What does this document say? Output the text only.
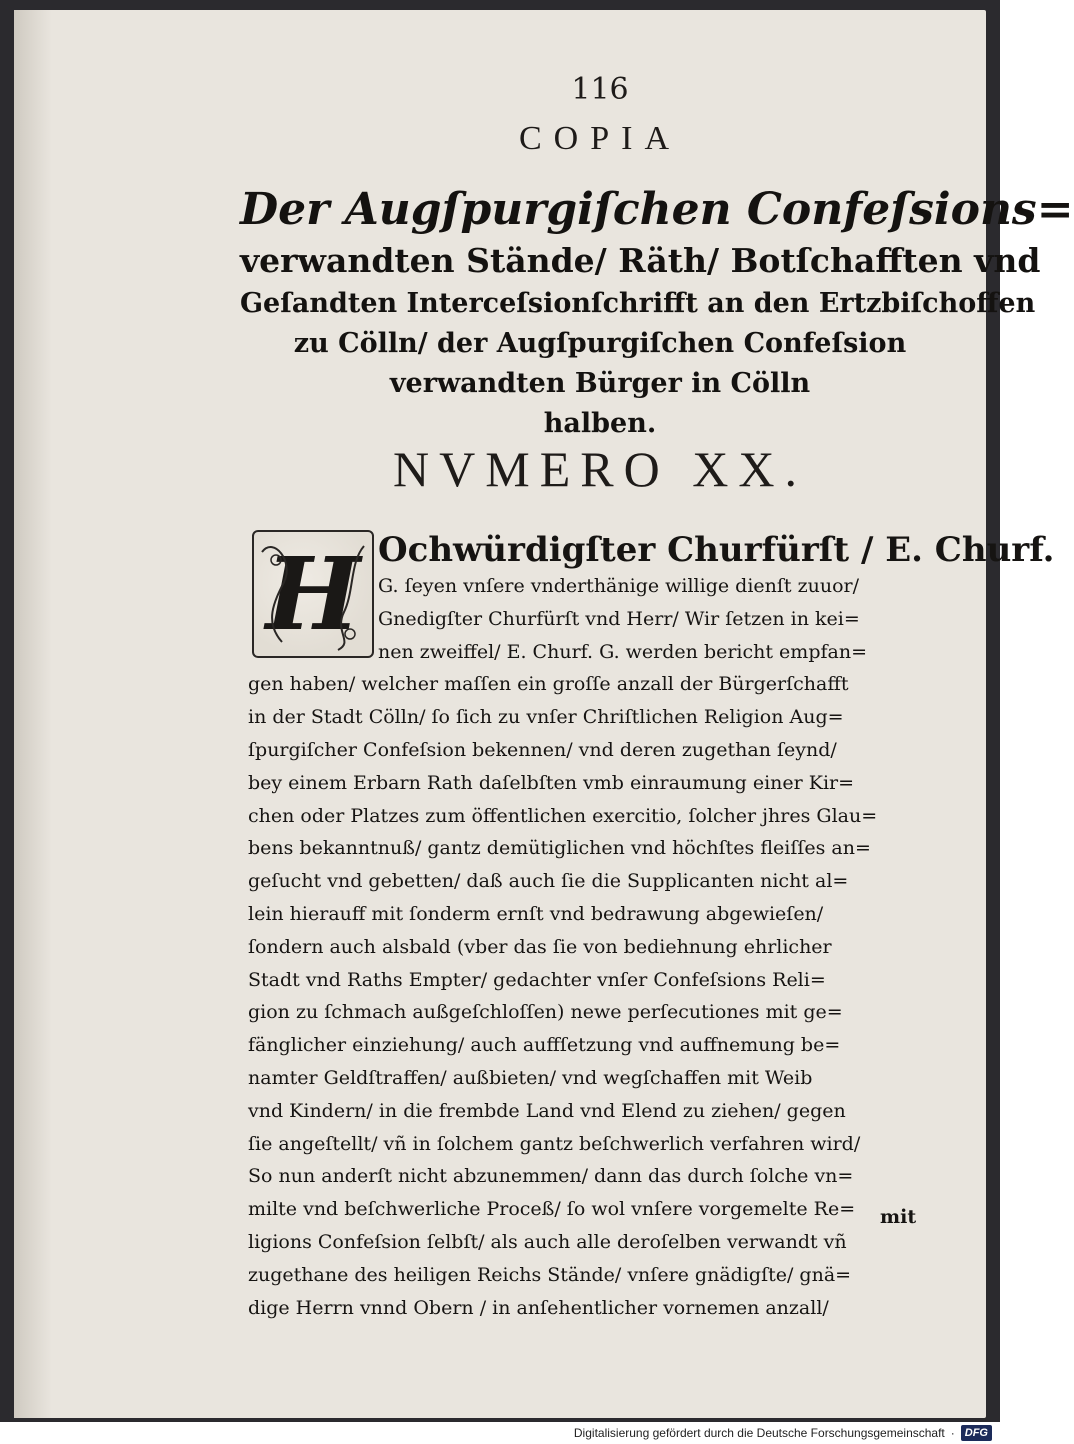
116
COPIA
Der Augſpurgiſchen Confeſsions=
verwandten Stände/ Räth/ Botſchafften vnd
Geſandten Interceſsionſchrifft an den Ertzbiſchoffen
zu Cölln/ der Augſpurgiſchen Confeſsion
verwandten Bürger in Cölln
halben.
NVMERO XX.
Ochwürdigſter Churfürſt / E. Churf.
G. ſeyen vnſere vnderthänige willige dienſt zuuor/
Gnedigſter Churfürſt vnd Herr/ Wir ſetzen in kei=
nen zweiffel/ E. Churf. G. werden bericht empfan=
gen haben/ welcher maſſen ein groſſe anzall der Bürgerſchafft
in der Stadt Cölln/ ſo ſich zu vnſer Chriſtlichen Religion Aug=
ſpurgiſcher Confeſsion bekennen/ vnd deren zugethan ſeynd/
bey einem Erbarn Rath daſelbſten vmb einraumung einer Kir=
chen oder Platzes zum öffentlichen exercitio, ſolcher jhres Glau=
bens bekanntnuß/ gantz demütiglichen vnd höchſtes fleiſſes an=
geſucht vnd gebetten/ daß auch ſie die Supplicanten nicht al=
lein hierauff mit ſonderm ernſt vnd bedrawung abgewieſen/
ſondern auch alsbald (vber das ſie von bediehnung ehrlicher
Stadt vnd Raths Empter/ gedachter vnſer Confeſsions Reli=
gion zu ſchmach außgeſchloſſen) newe perſecutiones mit ge=
fänglicher einziehung/ auch auffſetzung vnd auffnemung be=
namter Geldſtraffen/ außbieten/ vnd wegſchaffen mit Weib
vnd Kindern/ in die frembde Land vnd Elend zu ziehen/ gegen
ſie angeſtellt/ vñ in ſolchem gantz beſchwerlich verfahren wird/
So nun anderſt nicht abzunemmen/ dann das durch ſolche vn=
milte vnd beſchwerliche Proceß/ ſo wol vnſere vorgemelte Re=
ligions Confeſsion ſelbſt/ als auch alle deroſelben verwandt vñ
zugethane des heiligen Reichs Stände/ vnſere gnädigſte/ gnä=
dige Herrn vnnd Obern / in anſehentlicher vornemen anzall/
H
mit
Digitalisierung gefördert durch die Deutsche Forschungsgemeinschaft · DFG
